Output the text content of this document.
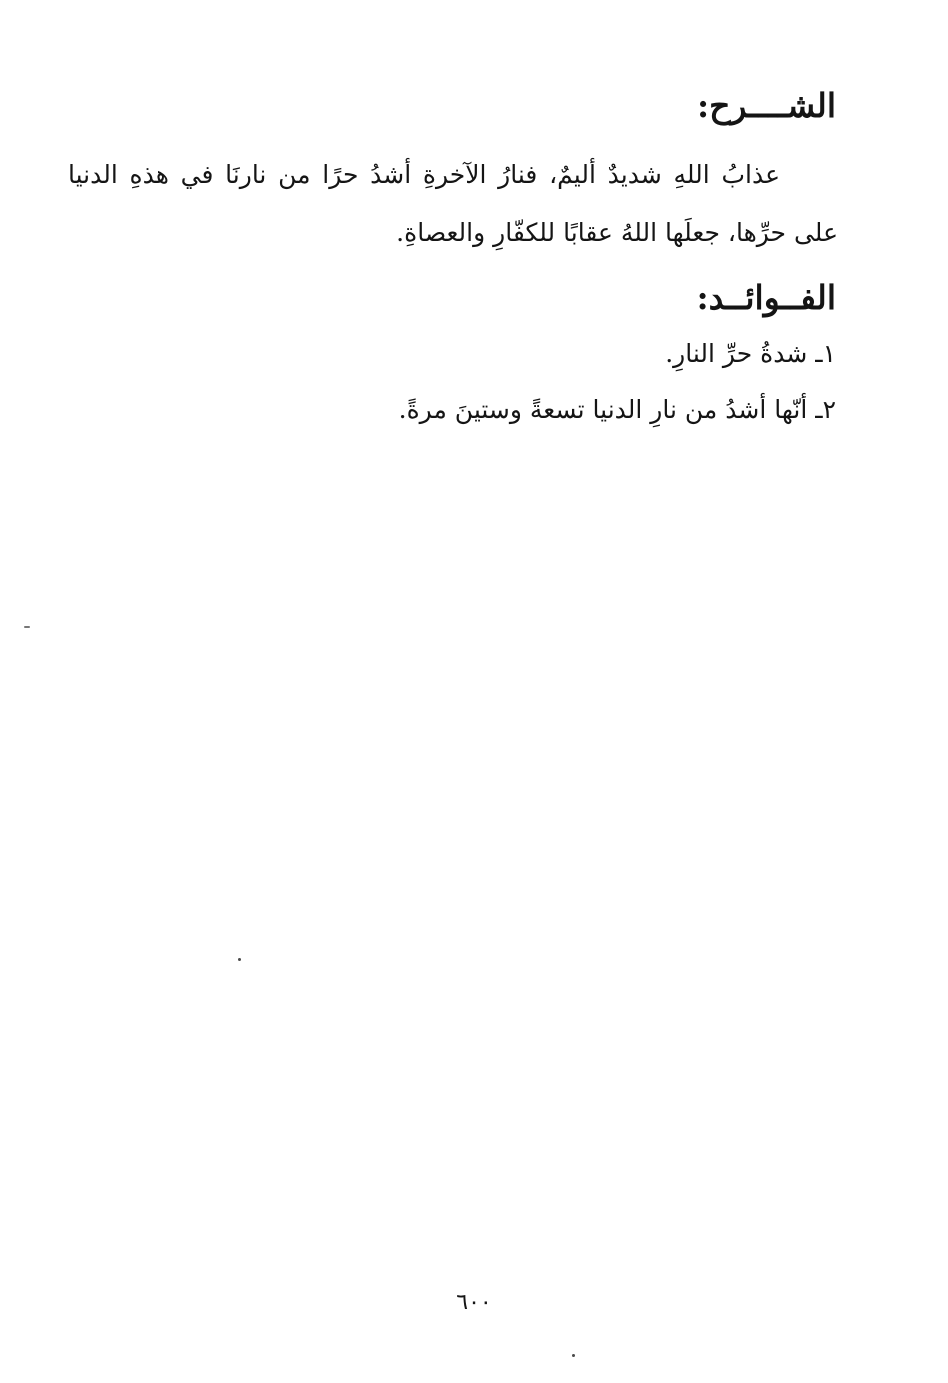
الشــــرح:
عذابُ اللهِ شديدٌ أليمٌ، فنارُ الآخرةِ أشدُ حرًا من نارنَا في هذهِ الدنيا على حرِّها، جعلَها اللهُ عقابًا للكفّارِ والعصاةِ.
الفــوائــد:
١ـ شدةُ حرِّ النارِ.
٢ـ أنّها أشدُ من نارِ الدنيا تسعةً وستينَ مرةً.
٦٠٠
